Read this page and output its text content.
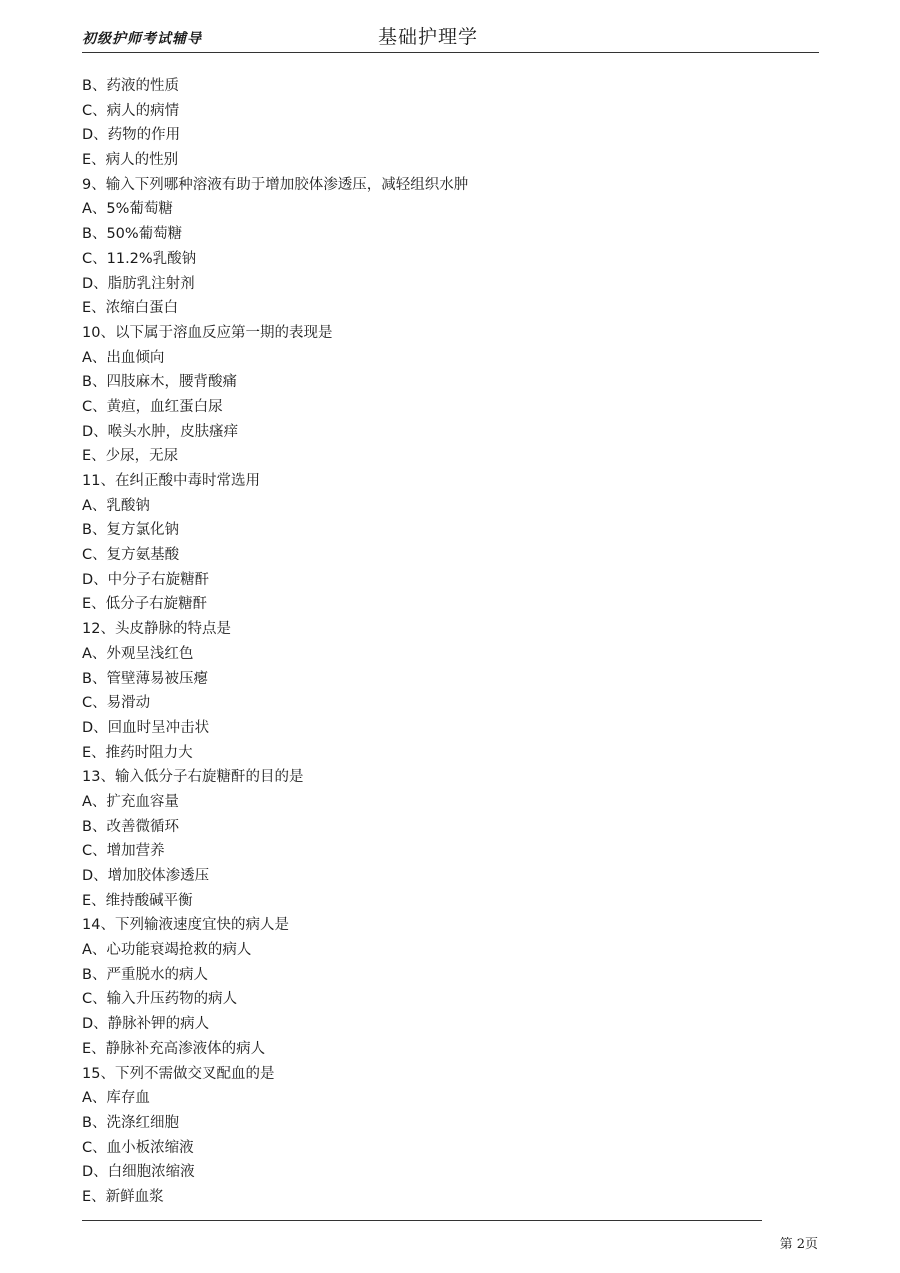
初级护师考试辅导	基础护理学
B、药液的性质
C、病人的病情
D、药物的作用
E、病人的性别
9、输入下列哪种溶液有助于增加胶体渗透压，减轻组织水肿
A、5%葡萄糖
B、50%葡萄糖
C、11.2%乳酸钠
D、脂肪乳注射剂
E、浓缩白蛋白
10、以下属于溶血反应第一期的表现是
A、出血倾向
B、四肢麻木，腰背酸痛
C、黄疸，血红蛋白尿
D、喉头水肿，皮肤瘙痒
E、少尿，无尿
11、在纠正酸中毒时常选用
A、乳酸钠
B、复方氯化钠
C、复方氨基酸
D、中分子右旋糖酐
E、低分子右旋糖酐
12、头皮静脉的特点是
A、外观呈浅红色
B、管壁薄易被压瘪
C、易滑动
D、回血时呈冲击状
E、推药时阻力大
13、输入低分子右旋糖酐的目的是
A、扩充血容量
B、改善微循环
C、增加营养
D、增加胶体渗透压
E、维持酸碱平衡
14、下列输液速度宜快的病人是
A、心功能衰竭抢救的病人
B、严重脱水的病人
C、输入升压药物的病人
D、静脉补钾的病人
E、静脉补充高渗液体的病人
15、下列不需做交叉配血的是
A、库存血
B、洗涤红细胞
C、血小板浓缩液
D、白细胞浓缩液
E、新鲜血浆
第 2页
